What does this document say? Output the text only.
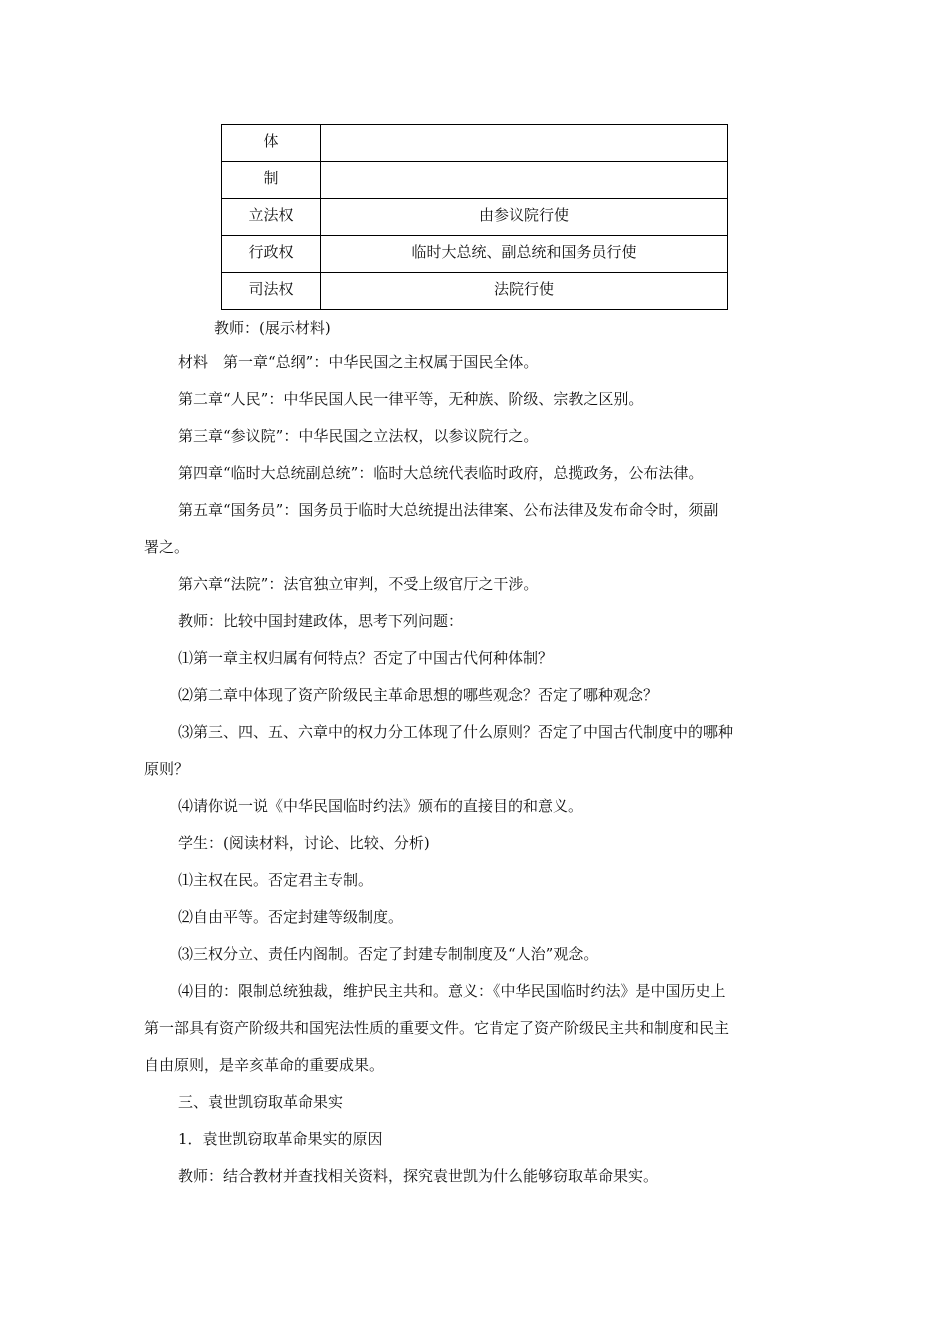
体	
制	
立法权	由参议院行使
行政权	临时大总统、副总统和国务员行使
司法权	法院行使

教师：(展示材料)

材料　第一章“总纲”：中华民国之主权属于国民全体。

第二章“人民”：中华民国人民一律平等，无种族、阶级、宗教之区别。

第三章“参议院”：中华民国之立法权，以参议院行之。

第四章“临时大总统副总统”：临时大总统代表临时政府，总揽政务，公布法律。

第五章“国务员”：国务员于临时大总统提出法律案、公布法律及发布命令时，须副

署之。

第六章“法院”：法官独立审判，不受上级官厅之干涉。

教师：比较中国封建政体，思考下列问题：

⑴第一章主权归属有何特点？否定了中国古代何种体制？

⑵第二章中体现了资产阶级民主革命思想的哪些观念？否定了哪种观念？

⑶第三、四、五、六章中的权力分工体现了什么原则？否定了中国古代制度中的哪种

原则？

⑷请你说一说《中华民国临时约法》颁布的直接目的和意义。

学生：(阅读材料，讨论、比较、分析)

⑴主权在民。否定君主专制。

⑵自由平等。否定封建等级制度。

⑶三权分立、责任内阁制。否定了封建专制制度及“人治”观念。

⑷目的：限制总统独裁，维护民主共和。意义：《中华民国临时约法》是中国历史上

第一部具有资产阶级共和国宪法性质的重要文件。它肯定了资产阶级民主共和制度和民主

自由原则，是辛亥革命的重要成果。

三、袁世凯窃取革命果实

1．袁世凯窃取革命果实的原因

教师：结合教材并查找相关资料，探究袁世凯为什么能够窃取革命果实。
